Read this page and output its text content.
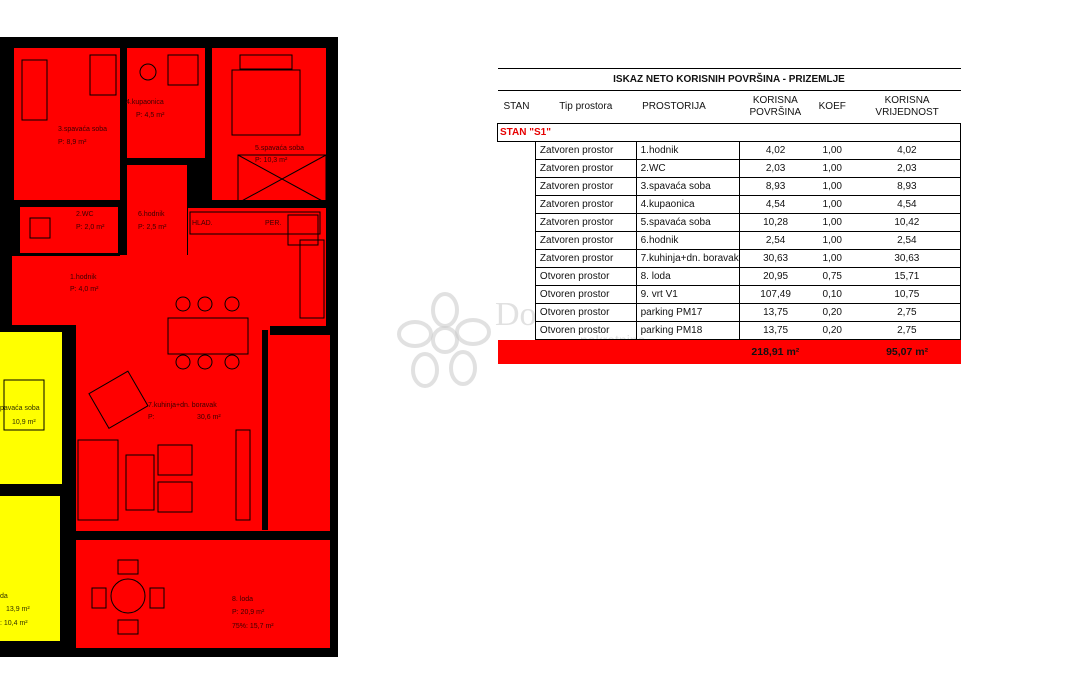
3.spavaća soba
P: 8,9 m²
4.kupaonica
P: 4,5 m²
5.spavaća soba
P: 10,3 m²
2.WC
P: 2,0 m²
6.hodnik
P: 2,5 m²
1.hodnik
P: 4,0 m²
7.kuhinja+dn. boravak
P:	30,6 m²
8. loda
P: 20,9 m²
75%: 15,7 m²
HLAD.	PER.
pavaća soba
10,9 m²
da
13,9 m²
: 10,4 m²
Do
ISKAZ NETO KORISNIH POVRŠINA - PRIZEMLJE					
STAN	Tip prostora	PROSTORIJA	KORISNA
POVRŠINA	KOEF	KORISNA
VRIJEDNOST
STAN "S1"					
	Zatvoren prostor	1.hodnik	4,02	1,00	4,02
	Zatvoren prostor	2.WC	2,03	1,00	2,03
	Zatvoren prostor	3.spavaća soba	8,93	1,00	8,93
	Zatvoren prostor	4.kupaonica	4,54	1,00	4,54
	Zatvoren prostor	5.spavaća soba	10,28	1,00	10,42
	Zatvoren prostor	6.hodnik	2,54	1,00	2,54
	Zatvoren prostor	7.kuhinja+dn. boravak	30,63	1,00	30,63
	Otvoren prostor	8. loda	20,95	0,75	15,71
	Otvoren prostor	9. vrt V1	107,49	0,10	10,75
	Otvoren prostor	parking PM17	13,75	0,20	2,75
	Otvoren prostor	parking PM18	13,75	0,20	2,75
			218,91 m²		95,07 m²
